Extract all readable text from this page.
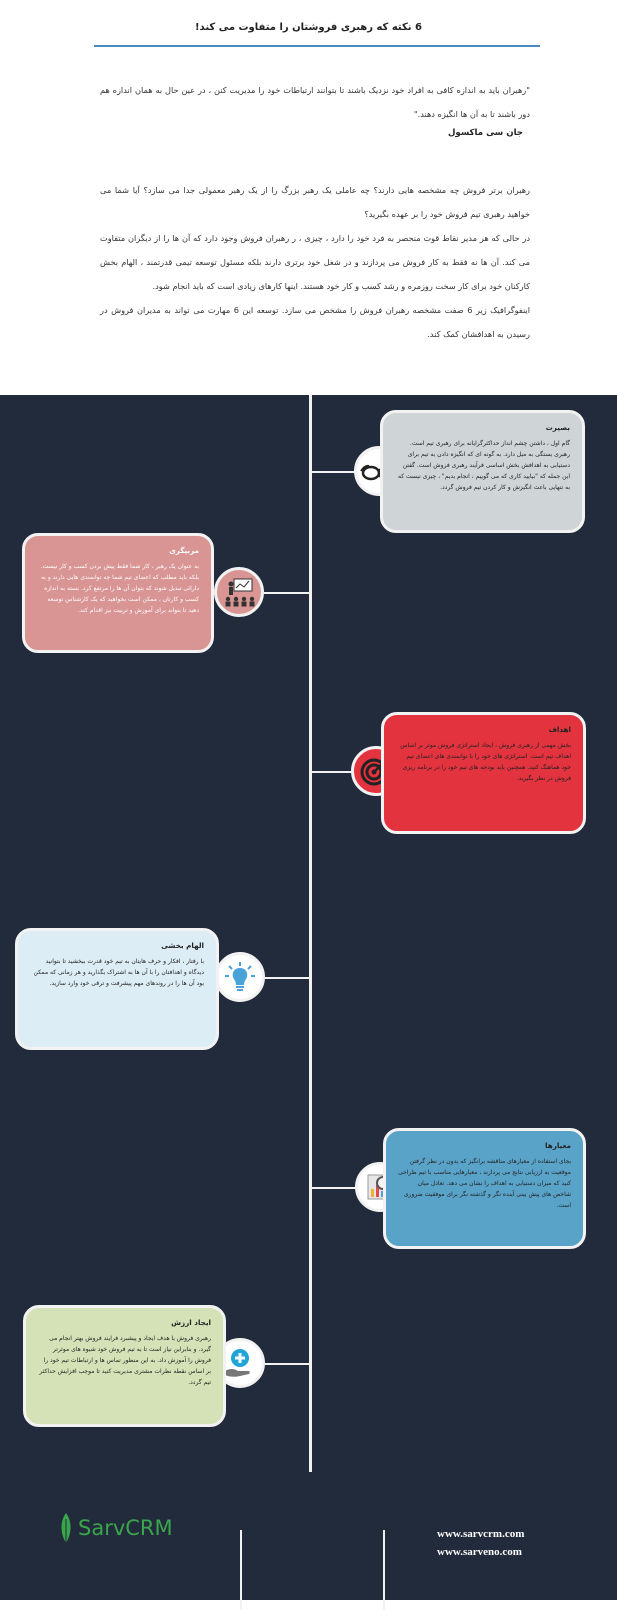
6 نکته که رهبری فروشتان را متفاوت می کند!
"رهبران باید به اندازه کافی به افراد خود نزدیک باشند تا بتوانند ارتباطات خود را مدیریت کنن ، در عین حال به همان اندازه هم دور باشند تا به آن ها انگیزه دهند."
جان سی ماکسول
رهبران برتر فروش چه مشخصه هایی دارند؟ چه عاملی یک رهبر بزرگ را از یک رهبر معمولی جدا می سازد؟ آیا شما می خواهید رهبری تیم فروش خود را بر عهده بگیرید؟
در حالی که هر مدیر نقاط قوت منحصر به فرد خود را دارد ، چیزی ، ر رهبران فروش وجود دارد که آن ها را از دیگران متفاوت می کند. آن ها نه فقط به کار فروش می پردازند و در شغل خود برتری دارند بلکه مسئول توسعه تیمی قدرتمند ، الهام بخش کارکنان خود برای کار سخت روزمره و رشد کسب و کار خود هستند. اینها کارهای زیادی است که باید انجام شود.
اینفوگرافیک زیر 6 صفت مشخصه رهبران فروش را مشخص می سازد. توسعه این 6 مهارت می تواند به مدیران فروش در رسیدن به اهدافشان کمک کند.
بصیرت

گام اول ، داشتن چشم انداز حداکثرگرایانه برای رهبری تیم است. رهبری بستگی به میل دارد. به گونه ای که انگیزه دادن به تیم برای دستیابی به اهدافش بخش اساسی فرآیند رهبری فروش است. گفتن این جمله که "بیایید کاری که می گوییم ، انجام بدیم" ، چیزی نیست که به تنهایی باعث انگیزش و کار کردن تیم فروش گردد.

مربیگری

به عنوان یک رهبر ، کار شما فقط پیش بردن کسب و کار نیست. بلکه باید مطلب که اعضای تیم شما چه توانمندی هایی دارند و به دارائی تبدیل شوند که بتوان آن ها را مرتفع کرد. بسته به اندازه کسب و کارتان ، ممکن است بخواهید که یک کارشناس توسعه دهید تا بتواند برای آموزش و تربیت نیز اقدام کند.

اهداف

بخش مهمی از رهبری فروش ، ایجاد استراتژی فروش موثر بر اساس اهداف تیم است. استراتژی های خود را با توانمندی های اعضای تیم خود هماهنگ کنید. همچنین باید بودجه های تیم خود را در برنامه ریزی فروش در نظر بگیرید.

الهام بخشی

با رفتار ، افکار و حرف هایتان به تیم خود قدرت ببخشید تا بتوانید دیدگاه و اهدافتان را با آن ها به اشتراک بگذارید و هر زمانی که ممکن بود آن ها را در روندهای مهم پیشرفت و ترقی خود وارد سازید.

معیارها

بجای استفاده از معیارهای مناقشه برانگیز که بدون در نظر گرفتن موقعیت به ارزیابی نتایج می پردازند ، معیارهایی مناسب با تیم طراحی کنید که میزان دستیابی به اهداف را نشان می دهد. تعادل میان شاخص های پیش بینی آینده نگر و گذشته نگر برای موفقیت ضروری است.

ایجاد ارزش

رهبری فروش با هدف ایجاد و پیشبرد فرایند فروش بهتر انجام می گیرد. و بنابراین نیاز است تا به تیم فروش خود شیوه های موثرتر فروش را آموزش داد. به این منظور تماس ها و ارتباطات تیم خود را بر اساس نقطه نظرات مشتری مدیریت کنید تا موجب افزایش حداکثر تیم گردد.

SarvCRM	www.sarvcrm.com
www.sarveno.com
